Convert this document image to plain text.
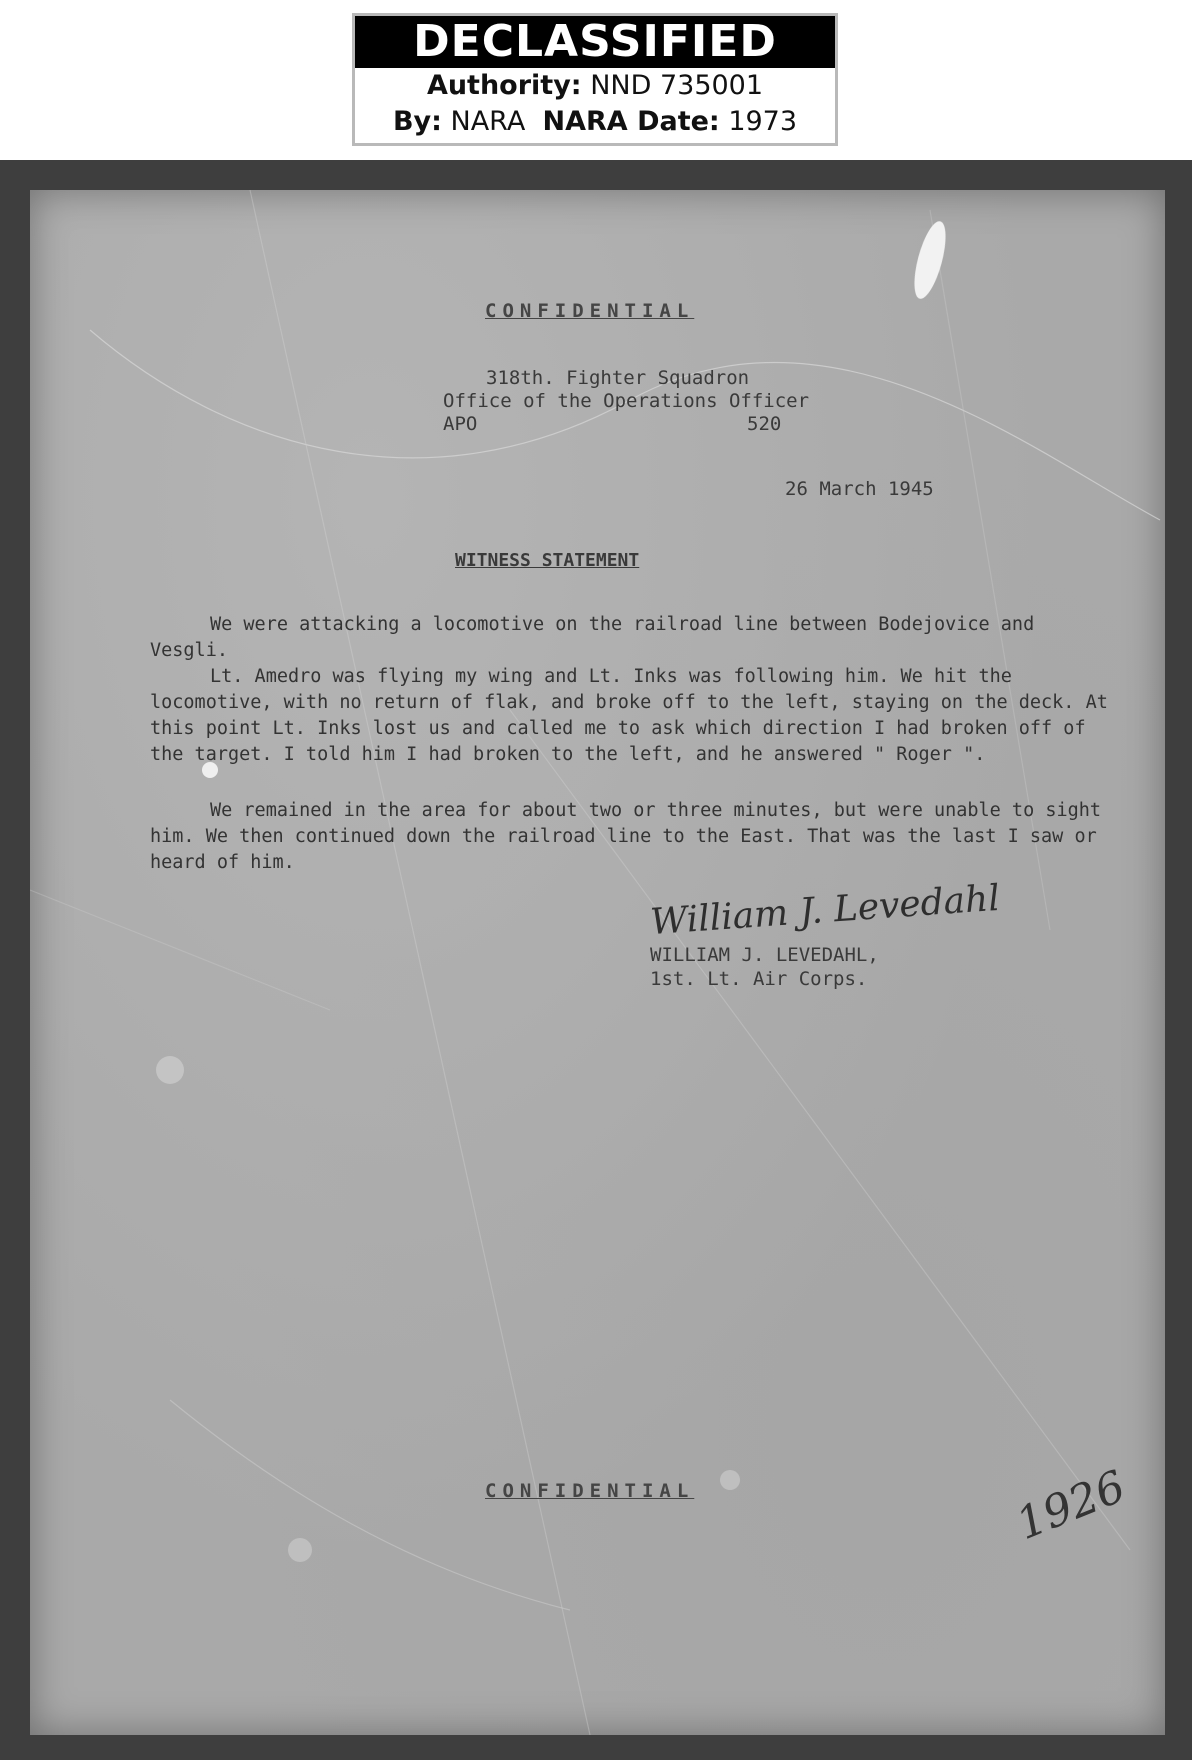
DECLASSIFIED
Authority: NND 735001
By: NARA NARA Date: 1973
CONFIDENTIAL
318th. Fighter Squadron
Office of the Operations Officer
APO	520
26 March 1945
WITNESS STATEMENT
We were attacking a locomotive on the railroad line between Bodejovice and Vesgli.
Lt. Amedro was flying my wing and Lt. Inks was following him. We hit the locomotive, with no return of flak, and broke off to the left, staying on the deck. At this point Lt. Inks lost us and called me to ask which direction I had broken off of the target. I told him I had broken to the left, and he answered " Roger ".
We remained in the area for about two or three minutes, but were unable to sight him. We then continued down the railroad line to the East. That was the last I saw or heard of him.
William J. Levedahl
WILLIAM J. LEVEDAHL,
1st. Lt. Air Corps.
CONFIDENTIAL	1926
